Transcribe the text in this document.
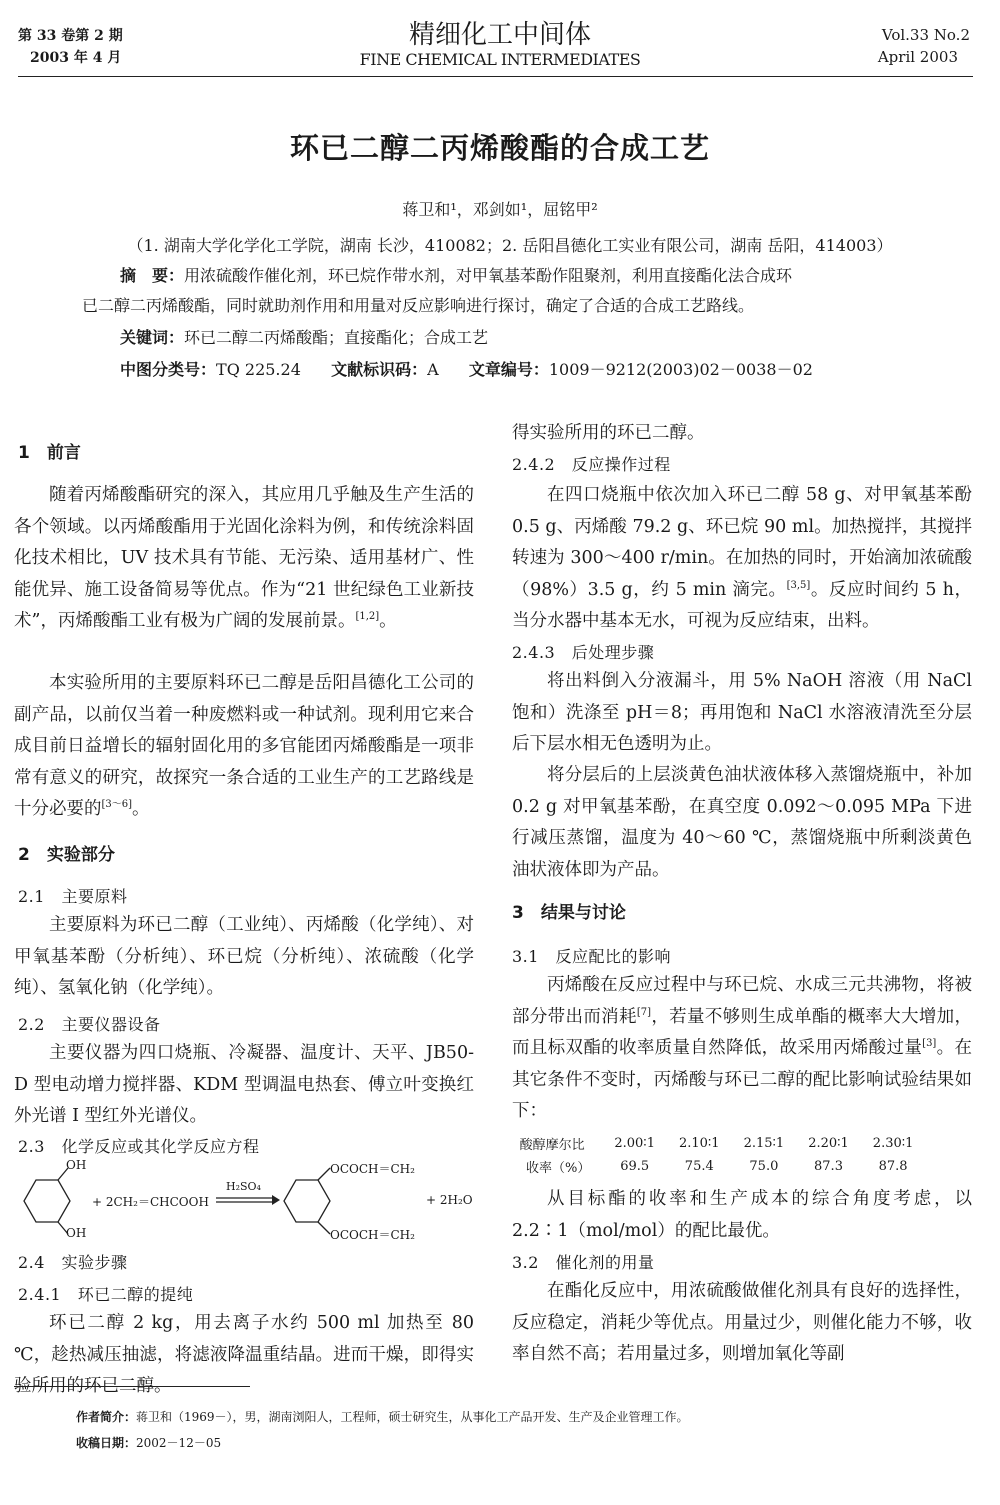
第 33 卷第 2 期
2003 年 4 月
精细化工中间体
FINE CHEMICAL INTERMEDIATES
Vol.33 No.2
April 2003
环已二醇二丙烯酸酯的合成工艺
蒋卫和¹，邓剑如¹，屈铭甲²
（1. 湖南大学化学化工学院，湖南 长沙，410082；2. 岳阳昌德化工实业有限公司，湖南 岳阳，414003）
摘　要：用浓硫酸作催化剂，环已烷作带水剂，对甲氧基苯酚作阻聚剂，利用直接酯化法合成环
已二醇二丙烯酸酯，同时就助剂作用和用量对反应影响进行探讨，确定了合适的合成工艺路线。
关键词：环已二醇二丙烯酸酯；直接酯化；合成工艺
中图分类号：TQ 225.24 文献标识码：A 文章编号：1009－9212(2003)02－0038－02
1　前言
随着丙烯酸酯研究的深入，其应用几乎触及生产生活的各个领域。以丙烯酸酯用于光固化涂料为例，和传统涂料固化技术相比，UV 技术具有节能、无污染、适用基材广、性能优异、施工设备简易等优点。作为“21 世纪绿色工业新技术”，丙烯酸酯工业有极为广阔的发展前景。[1,2]。
本实验所用的主要原料环已二醇是岳阳昌德化工公司的副产品，以前仅当着一种废燃料或一种试剂。现利用它来合成目前日益增长的辐射固化用的多官能团丙烯酸酯是一项非常有意义的研究，故探究一条合适的工业生产的工艺路线是十分必要的[3～6]。
2　实验部分
2.1　主要原料
主要原料为环已二醇（工业纯）、丙烯酸（化学纯）、对甲氧基苯酚（分析纯）、环已烷（分析纯）、浓硫酸（化学纯）、氢氧化钠（化学纯）。
2.2　主要仪器设备
主要仪器为四口烧瓶、冷凝器、温度计、天平、JB50-D 型电动增力搅拌器、KDM 型调温电热套、傅立叶变换红外光谱 I 型红外光谱仪。
2.3　化学反应或其化学反应方程
OH
OH
+ 2CH₂＝CHCOOH
H₂SO₄
OCOCH＝CH₂
OCOCH＝CH₂
+ 2H₂O
2.4　实验步骤
2.4.1　环已二醇的提纯
环已二醇 2 kg，用去离子水约 500 ml 加热至 80 ℃，趁热减压抽滤，将滤液降温重结晶。进而干燥，即得实验所用的环已二醇。
作者简介：蒋卫和（1969－），男，湖南浏阳人，工程师，硕士研究生，从事化工产品开发、生产及企业管理工作。
收稿日期：2002－12－05
得实验所用的环已二醇。
2.4.2　反应操作过程
在四口烧瓶中依次加入环已二醇 58 g、对甲氧基苯酚 0.5 g、丙烯酸 79.2 g、环已烷 90 ml。加热搅拌，其搅拌转速为 300～400 r/min。在加热的同时，开始滴加浓硫酸（98%）3.5 g，约 5 min 滴完。[3,5]。反应时间约 5 h，当分水器中基本无水，可视为反应结束，出料。
2.4.3　后处理步骤
将出料倒入分液漏斗，用 5% NaOH 溶液（用 NaCl 饱和）洗涤至 pH＝8；再用饱和 NaCl 水溶液清洗至分层后下层水相无色透明为止。
将分层后的上层淡黄色油状液体移入蒸馏烧瓶中，补加 0.2 g 对甲氧基苯酚，在真空度 0.092～0.095 MPa 下进行减压蒸馏，温度为 40～60 ℃，蒸馏烧瓶中所剩淡黄色油状液体即为产品。
3　结果与讨论
3.1　反应配比的影响
丙烯酸在反应过程中与环已烷、水成三元共沸物，将被部分带出而消耗[7]，若量不够则生成单酯的概率大大增加，而且标双酯的收率质量自然降低，故采用丙烯酸过量[3]。在其它条件不变时，丙烯酸与环已二醇的配比影响试验结果如下：
酸醇摩尔比	2.00∶1	2.10∶1	2.15∶1	2.20∶1	2.30∶1
收率（%）	69.5	75.4	75.0	87.3	87.8
从目标酯的收率和生产成本的综合角度考虑，以 2.2∶1（mol/mol）的配比最优。
3.2　催化剂的用量
在酯化反应中，用浓硫酸做催化剂具有良好的选择性，反应稳定，消耗少等优点。用量过少，则催化能力不够，收率自然不高；若用量过多，则增加氧化等副
